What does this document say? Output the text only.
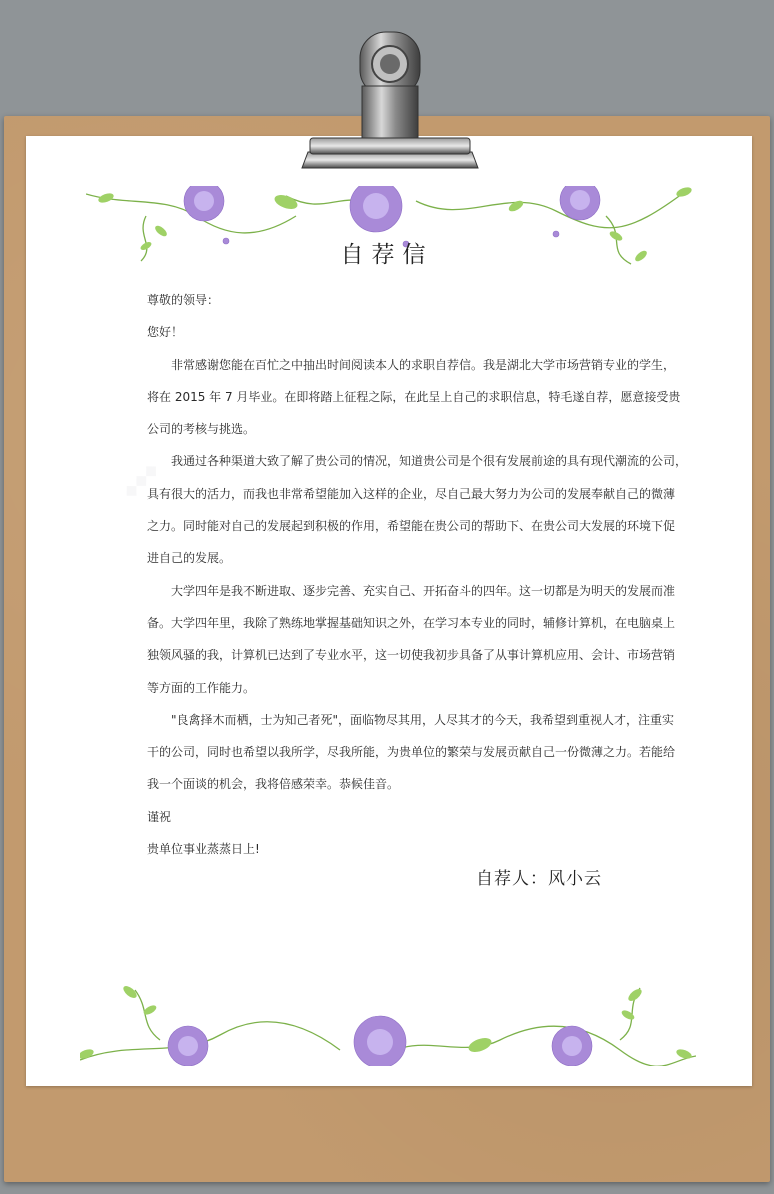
◆◆◆
自荐信
尊敬的领导：
您好！
非常感谢您能在百忙之中抽出时间阅读本人的求职自荐信。我是湖北大学市场营销专业的学生，
将在 2015 年 7 月毕业。在即将踏上征程之际，在此呈上自己的求职信息，特毛遂自荐，愿意接受贵
公司的考核与挑选。
我通过各种渠道大致了解了贵公司的情况，知道贵公司是个很有发展前途的具有现代潮流的公司，
具有很大的活力，而我也非常希望能加入这样的企业，尽自己最大努力为公司的发展奉献自己的微薄
之力。同时能对自己的发展起到积极的作用，希望能在贵公司的帮助下、在贵公司大发展的环境下促
进自己的发展。
大学四年是我不断进取、逐步完善、充实自己、开拓奋斗的四年。这一切都是为明天的发展而准
备。大学四年里，我除了熟练地掌握基础知识之外，在学习本专业的同时，辅修计算机，在电脑桌上
独领风骚的我，计算机已达到了专业水平，这一切使我初步具备了从事计算机应用、会计、市场营销
等方面的工作能力。
"良禽择木而栖，士为知己者死"，面临物尽其用，人尽其才的今天，我希望到重视人才，注重实
干的公司，同时也希望以我所学，尽我所能，为贵单位的繁荣与发展贡献自己一份微薄之力。若能给
我一个面谈的机会，我将倍感荣幸。恭候佳音。
谨祝
贵单位事业蒸蒸日上!
自荐人：风小云
